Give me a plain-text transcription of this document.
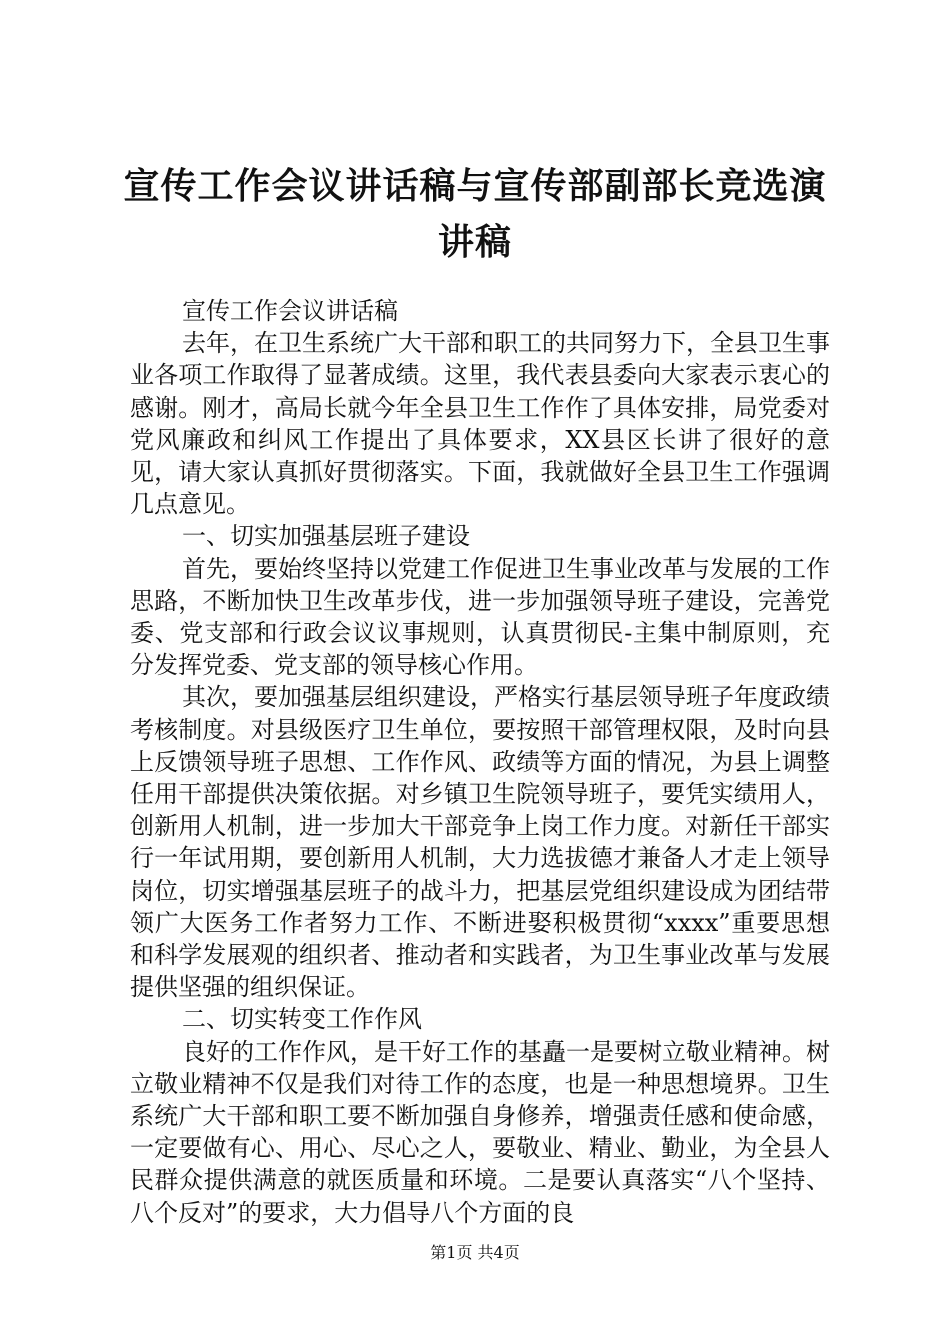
宣传工作会议讲话稿与宣传部副部长竞选演讲稿

宣传工作会议讲话稿

去年，在卫生系统广大干部和职工的共同努力下，全县卫生事业各项工作取得了显著成绩。这里，我代表县委向大家表示衷心的感谢。刚才，高局长就今年全县卫生工作作了具体安排，局党委对党风廉政和纠风工作提出了具体要求，XX县区长讲了很好的意见，请大家认真抓好贯彻落实。下面，我就做好全县卫生工作强调几点意见。

一、切实加强基层班子建设

首先，要始终坚持以党建工作促进卫生事业改革与发展的工作思路，不断加快卫生改革步伐，进一步加强领导班子建设，完善党委、党支部和行政会议议事规则，认真贯彻民-主集中制原则，充分发挥党委、党支部的领导核心作用。

其次，要加强基层组织建设，严格实行基层领导班子年度政绩考核制度。对县级医疗卫生单位，要按照干部管理权限，及时向县上反馈领导班子思想、工作作风、政绩等方面的情况，为县上调整任用干部提供决策依据。对乡镇卫生院领导班子，要凭实绩用人，创新用人机制，进一步加大干部竞争上岗工作力度。对新任干部实行一年试用期，要创新用人机制，大力选拔德才兼备人才走上领导岗位，切实增强基层班子的战斗力，把基层党组织建设成为团结带领广大医务工作者努力工作、不断进娶积极贯彻“xxxx”重要思想和科学发展观的组织者、推动者和实践者，为卫生事业改革与发展提供坚强的组织保证。

二、切实转变工作作风

良好的工作作风，是干好工作的基矗一是要树立敬业精神。树立敬业精神不仅是我们对待工作的态度，也是一种思想境界。卫生系统广大干部和职工要不断加强自身修养，增强责任感和使命感，一定要做有心、用心、尽心之人，要敬业、精业、勤业，为全县人民群众提供满意的就医质量和环境。二是要认真落实“八个坚持、八个反对”的要求，大力倡导八个方面的良

第1页 共4页
